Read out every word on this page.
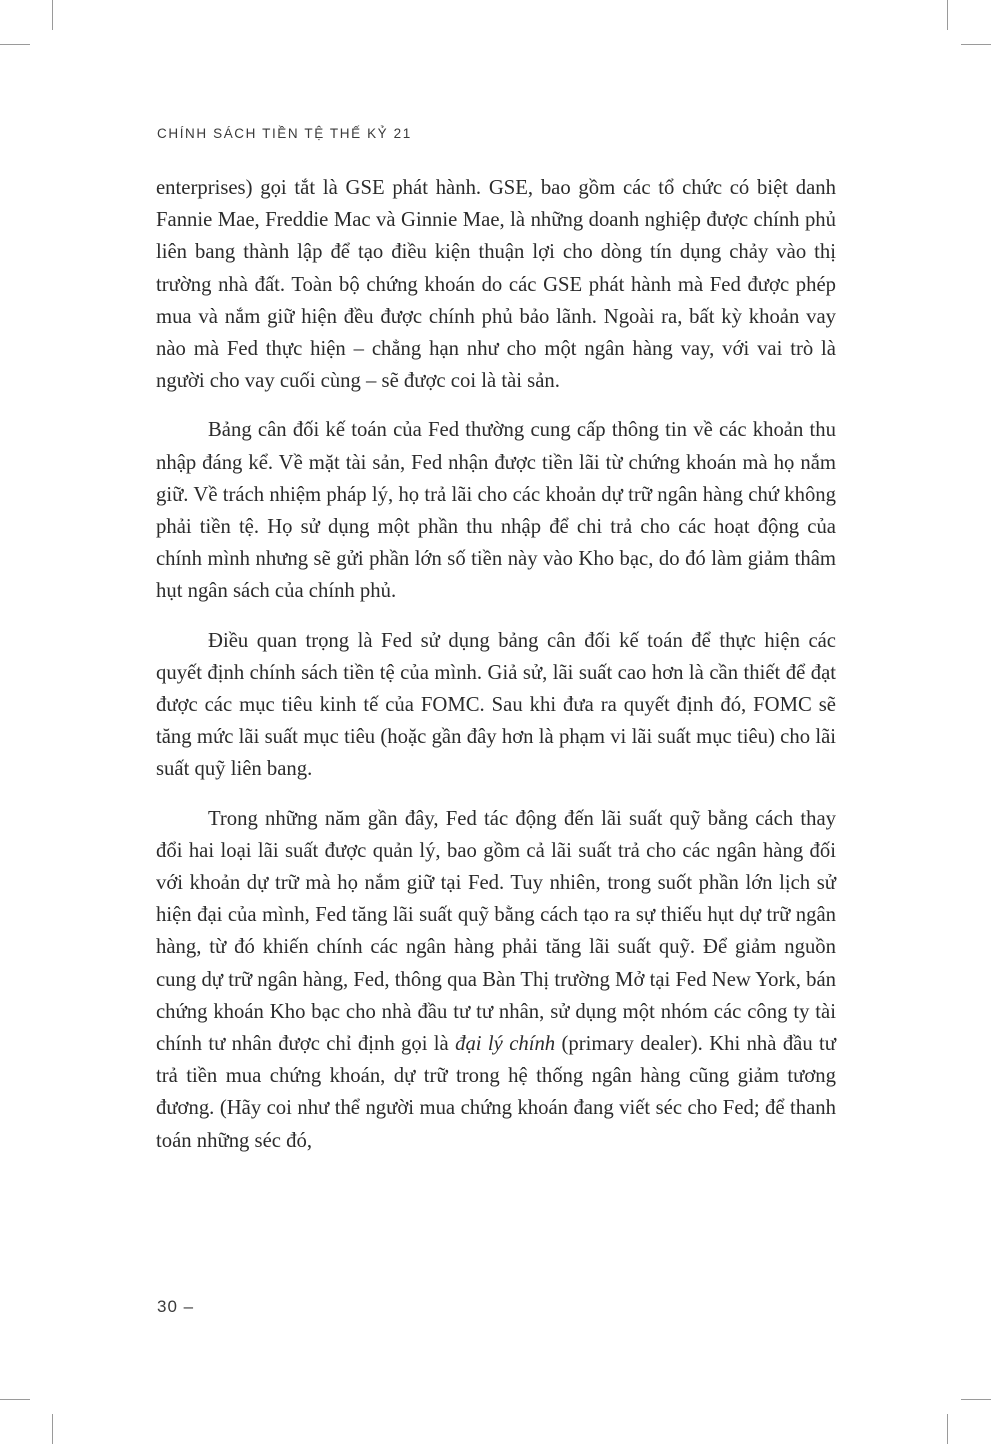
CHÍNH SÁCH TIỀN TỆ THẾ KỶ 21

enterprises) gọi tắt là GSE phát hành. GSE, bao gồm các tổ chức có biệt danh Fannie Mae, Freddie Mac và Ginnie Mae, là những doanh nghiệp được chính phủ liên bang thành lập để tạo điều kiện thuận lợi cho dòng tín dụng chảy vào thị trường nhà đất. Toàn bộ chứng khoán do các GSE phát hành mà Fed được phép mua và nắm giữ hiện đều được chính phủ bảo lãnh. Ngoài ra, bất kỳ khoản vay nào mà Fed thực hiện – chẳng hạn như cho một ngân hàng vay, với vai trò là người cho vay cuối cùng – sẽ được coi là tài sản.

Bảng cân đối kế toán của Fed thường cung cấp thông tin về các khoản thu nhập đáng kể. Về mặt tài sản, Fed nhận được tiền lãi từ chứng khoán mà họ nắm giữ. Về trách nhiệm pháp lý, họ trả lãi cho các khoản dự trữ ngân hàng chứ không phải tiền tệ. Họ sử dụng một phần thu nhập để chi trả cho các hoạt động của chính mình nhưng sẽ gửi phần lớn số tiền này vào Kho bạc, do đó làm giảm thâm hụt ngân sách của chính phủ.

Điều quan trọng là Fed sử dụng bảng cân đối kế toán để thực hiện các quyết định chính sách tiền tệ của mình. Giả sử, lãi suất cao hơn là cần thiết để đạt được các mục tiêu kinh tế của FOMC. Sau khi đưa ra quyết định đó, FOMC sẽ tăng mức lãi suất mục tiêu (hoặc gần đây hơn là phạm vi lãi suất mục tiêu) cho lãi suất quỹ liên bang.

Trong những năm gần đây, Fed tác động đến lãi suất quỹ bằng cách thay đổi hai loại lãi suất được quản lý, bao gồm cả lãi suất trả cho các ngân hàng đối với khoản dự trữ mà họ nắm giữ tại Fed. Tuy nhiên, trong suốt phần lớn lịch sử hiện đại của mình, Fed tăng lãi suất quỹ bằng cách tạo ra sự thiếu hụt dự trữ ngân hàng, từ đó khiến chính các ngân hàng phải tăng lãi suất quỹ. Để giảm nguồn cung dự trữ ngân hàng, Fed, thông qua Bàn Thị trường Mở tại Fed New York, bán chứng khoán Kho bạc cho nhà đầu tư tư nhân, sử dụng một nhóm các công ty tài chính tư nhân được chỉ định gọi là đại lý chính (primary dealer). Khi nhà đầu tư trả tiền mua chứng khoán, dự trữ trong hệ thống ngân hàng cũng giảm tương đương. (Hãy coi như thể người mua chứng khoán đang viết séc cho Fed; để thanh toán những séc đó,

30 –
